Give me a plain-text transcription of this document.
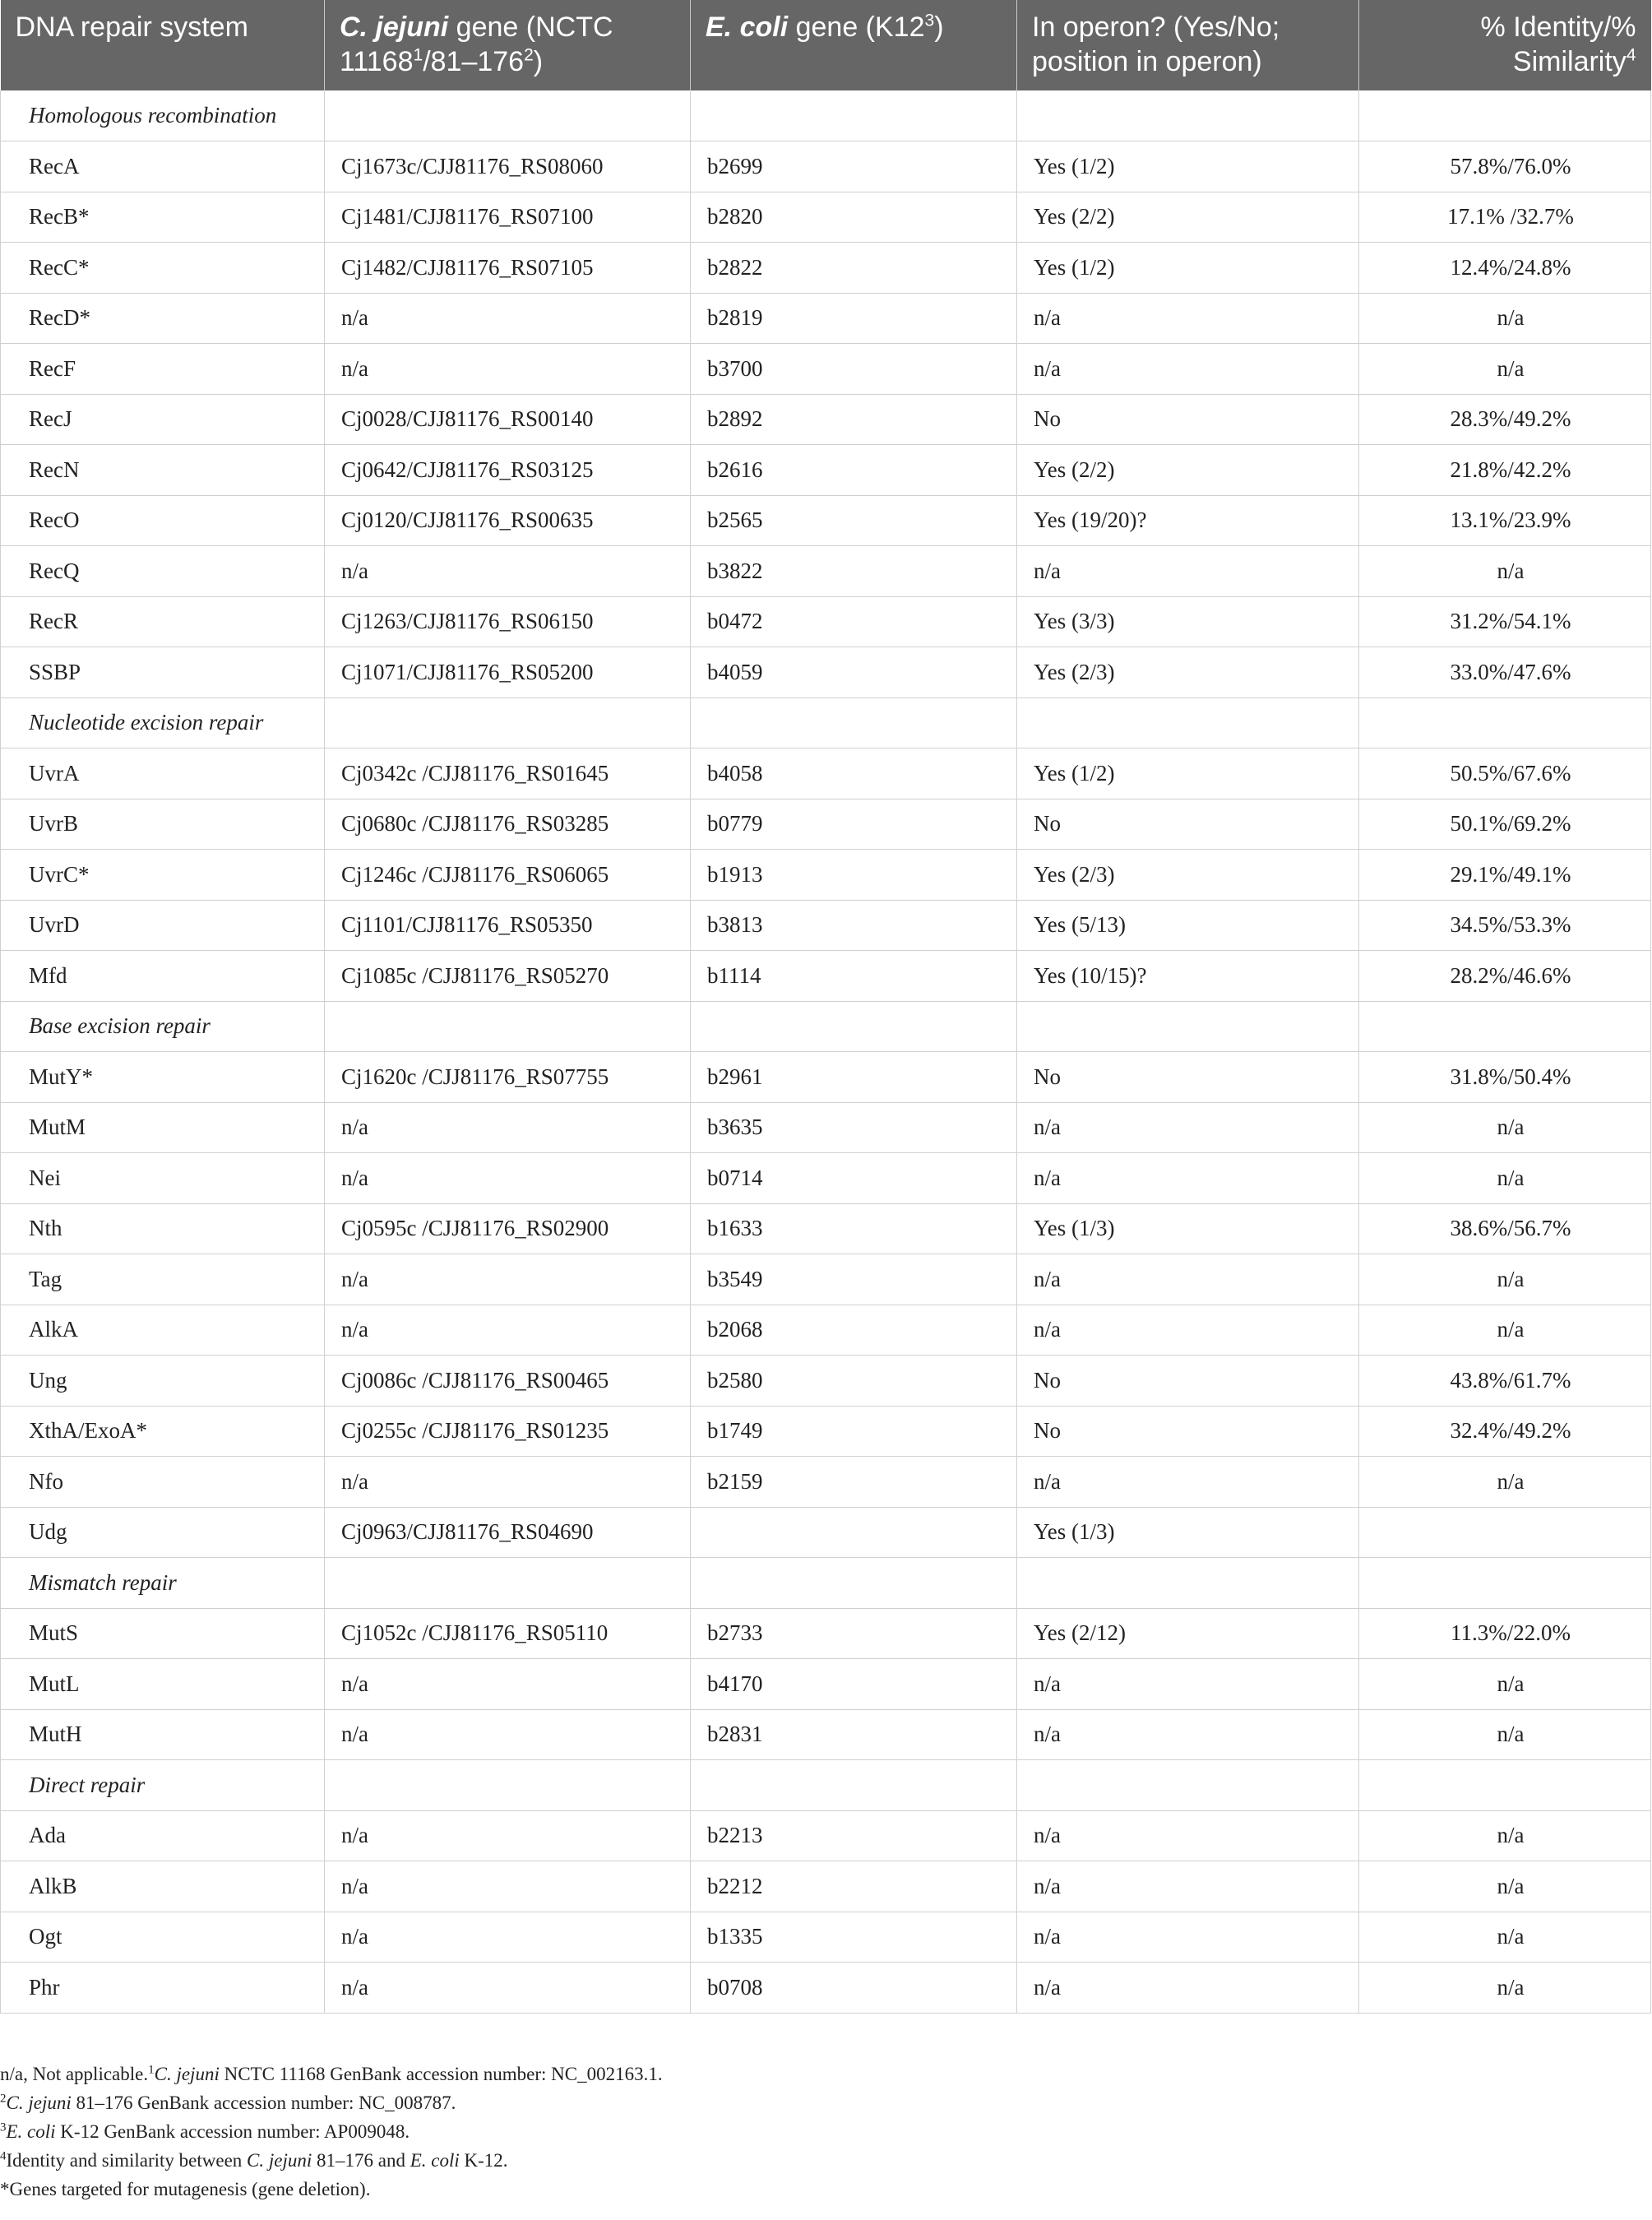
DNA repair system	C. jejuni gene (NCTC $11168^1/81-176^2$)	E. coli gene $(K12^3)$	In operon? (Yes/No; position in operon)	% Identity/% Similarity$^4$
Homologous recombination				
RecA	Cj1673c/CJJ81176_RS08060	b2699	Yes (1/2)	57.8%/76.0%
RecB*	Cj1481/CJJ81176_RS07100	b2820	Yes (2/2)	17.1% /32.7%
RecC*	Cj1482/CJJ81176_RS07105	b2822	Yes (1/2)	12.4%/24.8%
RecD*	n/a	b2819	n/a	n/a
RecF	n/a	b3700	n/a	n/a
RecJ	Cj0028/CJJ81176_RS00140	b2892	No	28.3%/49.2%
RecN	Cj0642/CJJ81176_RS03125	b2616	Yes (2/2)	21.8%/42.2%
RecO	Cj0120/CJJ81176_RS00635	b2565	Yes (19/20)?	13.1%/23.9%
RecQ	n/a	b3822	n/a	n/a
RecR	Cj1263/CJJ81176_RS06150	b0472	Yes (3/3)	31.2%/54.1%
SSBP	Cj1071/CJJ81176_RS05200	b4059	Yes (2/3)	33.0%/47.6%
Nucleotide excision repair				
UvrA	Cj0342c /CJJ81176_RS01645	b4058	Yes (1/2)	50.5%/67.6%
UvrB	Cj0680c /CJJ81176_RS03285	b0779	No	50.1%/69.2%
UvrC*	Cj1246c /CJJ81176_RS06065	b1913	Yes (2/3)	29.1%/49.1%
UvrD	Cj1101/CJJ81176_RS05350	b3813	Yes (5/13)	34.5%/53.3%
Mfd	Cj1085c /CJJ81176_RS05270	b1114	Yes (10/15)?	28.2%/46.6%
Base excision repair				
MutY*	Cj1620c /CJJ81176_RS07755	b2961	No	31.8%/50.4%
MutM	n/a	b3635	n/a	n/a
Nei	n/a	b0714	n/a	n/a
Nth	Cj0595c /CJJ81176_RS02900	b1633	Yes (1/3)	38.6%/56.7%
Tag	n/a	b3549	n/a	n/a
AlkA	n/a	b2068	n/a	n/a
Ung	Cj0086c /CJJ81176_RS00465	b2580	No	43.8%/61.7%
XthA/ExoA*	Cj0255c /CJJ81176_RS01235	b1749	No	32.4%/49.2%
Nfo	n/a	b2159	n/a	n/a
Udg	Cj0963/CJJ81176_RS04690		Yes (1/3)	
Mismatch repair				
MutS	Cj1052c /CJJ81176_RS05110	b2733	Yes (2/12)	11.3%/22.0%
MutL	n/a	b4170	n/a	n/a
MutH	n/a	b2831	n/a	n/a
Direct repair				
Ada	n/a	b2213	n/a	n/a
AlkB	n/a	b2212	n/a	n/a
Ogt	n/a	b1335	n/a	n/a
Phr	n/a	b0708	n/a	n/a

n/a, Not applicable.$^1$C. jejuni NCTC 11168 GenBank accession number: NC_002163.1.

$^2$C. jejuni 81–176 GenBank accession number: NC_008787.

$^3$E. coli K-12 GenBank accession number: AP009048.

$^4$Identity and similarity between C. jejuni 81–176 and E. coli K-12.

*Genes targeted for mutagenesis (gene deletion).
